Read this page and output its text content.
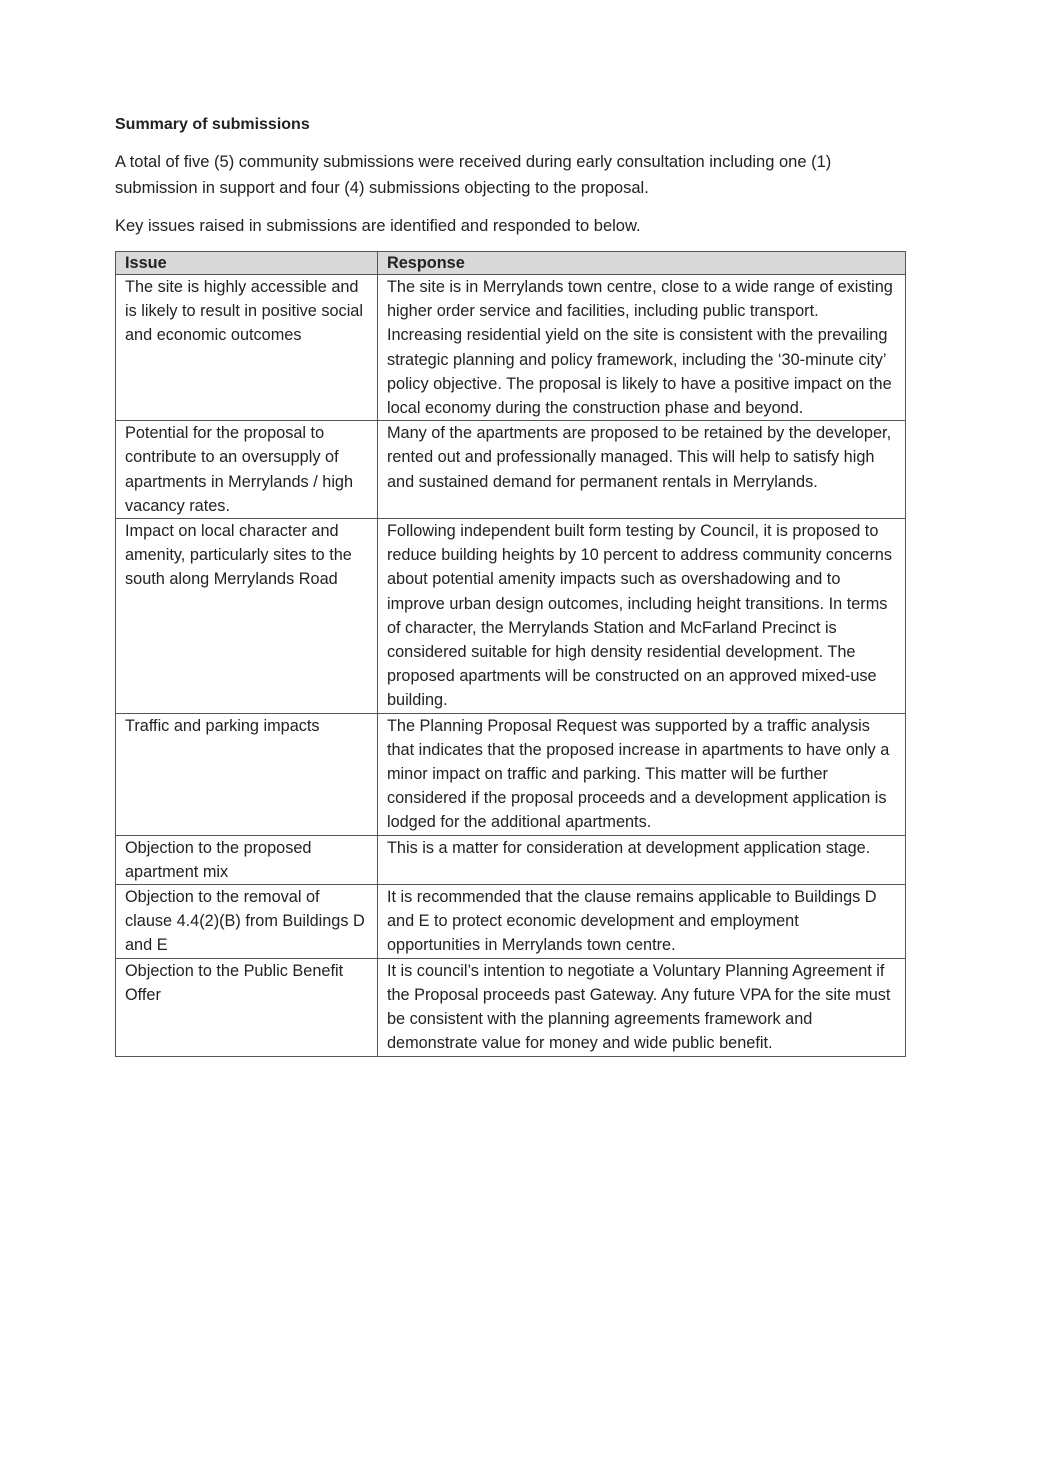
Summary of submissions

A total of five (5) community submissions were received during early consultation including one (1) submission in support and four (4) submissions objecting to the proposal.

Key issues raised in submissions are identified and responded to below.

Issue	Response
The site is highly accessible and is likely to result in positive social and economic outcomes	The site is in Merrylands town centre, close to a wide range of existing higher order service and facilities, including public transport. Increasing residential yield on the site is consistent with the prevailing strategic planning and policy framework, including the ‘30-minute city’ policy objective. The proposal is likely to have a positive impact on the local economy during the construction phase and beyond.
Potential for the proposal to contribute to an oversupply of apartments in Merrylands / high vacancy rates.	Many of the apartments are proposed to be retained by the developer, rented out and professionally managed. This will help to satisfy high and sustained demand for permanent rentals in Merrylands.
Impact on local character and amenity, particularly sites to the south along Merrylands Road	Following independent built form testing by Council, it is proposed to reduce building heights by 10 percent to address community concerns about potential amenity impacts such as overshadowing and to improve urban design outcomes, including height transitions. In terms of character, the Merrylands Station and McFarland Precinct is considered suitable for high density residential development. The proposed apartments will be constructed on an approved mixed-use building.
Traffic and parking impacts	The Planning Proposal Request was supported by a traffic analysis that indicates that the proposed increase in apartments to have only a minor impact on traffic and parking. This matter will be further considered if the proposal proceeds and a development application is lodged for the additional apartments.
Objection to the proposed apartment mix	This is a matter for consideration at development application stage.
Objection to the removal of clause 4.4(2)(B) from Buildings D and E	It is recommended that the clause remains applicable to Buildings D and E to protect economic development and employment opportunities in Merrylands town centre.
Objection to the Public Benefit Offer	It is council’s intention to negotiate a Voluntary Planning Agreement if the Proposal proceeds past Gateway. Any future VPA for the site must be consistent with the planning agreements framework and demonstrate value for money and wide public benefit.
